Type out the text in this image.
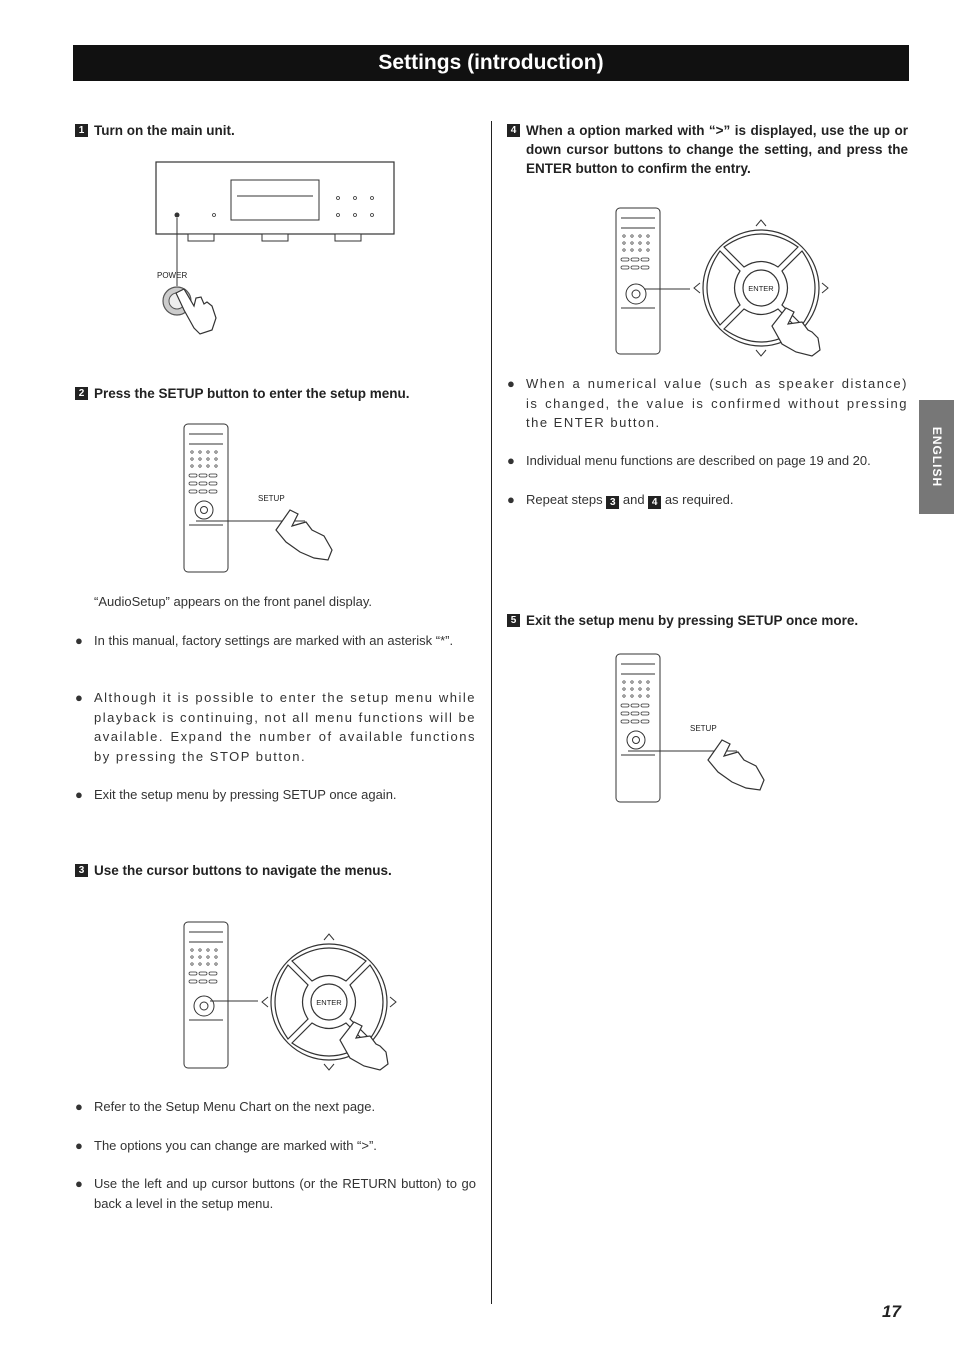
Settings (introduction)
ENGLISH
1 Turn on the main unit.
POWER
2 Press the SETUP button to enter the setup menu.
SETUP
“AudioSetup” appears on the front panel display.
● In this manual, factory settings are marked with an asterisk “*”.
● Although it is possible to enter the setup menu while playback is continuing, not all menu functions will be available. Expand the number of available functions by pressing the STOP button.
● Exit the setup menu by pressing SETUP once again.
3 Use the cursor buttons to navigate the menus.
ENTER
● Refer to the Setup Menu Chart on the next page.
● The options you can change are marked with “>”.
● Use the left and up cursor buttons (or the RETURN button) to go back a level in the setup menu.
4 When a option marked with “>” is displayed, use the up or down cursor buttons to change the setting, and press the ENTER button to confirm the entry.
ENTER
● When a numerical value (such as speaker distance) is changed, the value is confirmed without pressing the ENTER button.
● Individual menu functions are described on page 19 and 20.
● Repeat steps 3 and 4 as required.
5 Exit the setup menu by pressing SETUP once more.
SETUP
17
